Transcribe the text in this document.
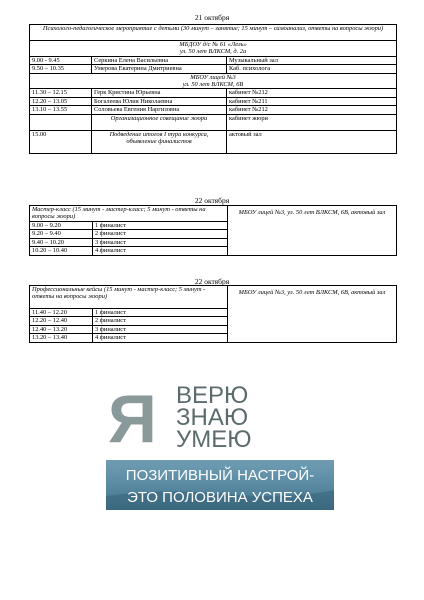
21 октября
Психолого-педагогическое мероприятие с детьми (30 минут – занятие; 15 минут – самоанализ, ответы на вопросы жюри)		
МБДОУ д/с № 61 «Лель»		
ул. 50 лет ВЛКСМ, д. 2а		
9.00 - 9.45	Серкина Елена Васильевна	Музыкальный зал
9.50 – 10.35	Умерова Екатерина Дмитриевна	Каб. психолога
МБОУ лицей №3		
ул. 50 лет ВЛКСМ, 6В		
11.30 – 12.15	Герк Кристина Юрьевна	кабинет №212
12.20 – 13.05	Богалеева Юлия Николаевна	кабинет №211
13.10 – 13.55	Соловьева Евгения Наргизовна	кабинет №212
	Организационное совещание жюри	кабинет жюри
15.00	Подведение итогов I тура конкурса, объявление финалистов	актовый зал
22 октября
Мастер-класс (15 минут - мастер-класс; 5 минут - ответы на вопросы жюри)		МБОУ лицей №3, ул. 50 лет ВЛКСМ, 6В, актовый зал
9.00 – 9.20	1 финалист	
9.20 – 9.40	2 финалист	
9.40 – 10.20	3 финалист	
10.20 – 10.40	4 финалист	
22 октября
Профессиональные кейсы (15 минут - мастер-класс; 5 минут - ответы на вопросы жюри)		МБОУ лицей №3, ул. 50 лет ВЛКСМ, 6В, актовый зал
11.40 – 12.20	1 финалист	
12.20 – 12.40	2 финалист	
12.40 – 13.20	3 финалист	
13.20 – 13.40	4 финалист	
Я ВЕРЮ
ЗНАЮ
УМЕЮ
ПОЗИТИВНЫЙ НАСТРОЙ-
ЭТО ПОЛОВИНА УСПЕХА
